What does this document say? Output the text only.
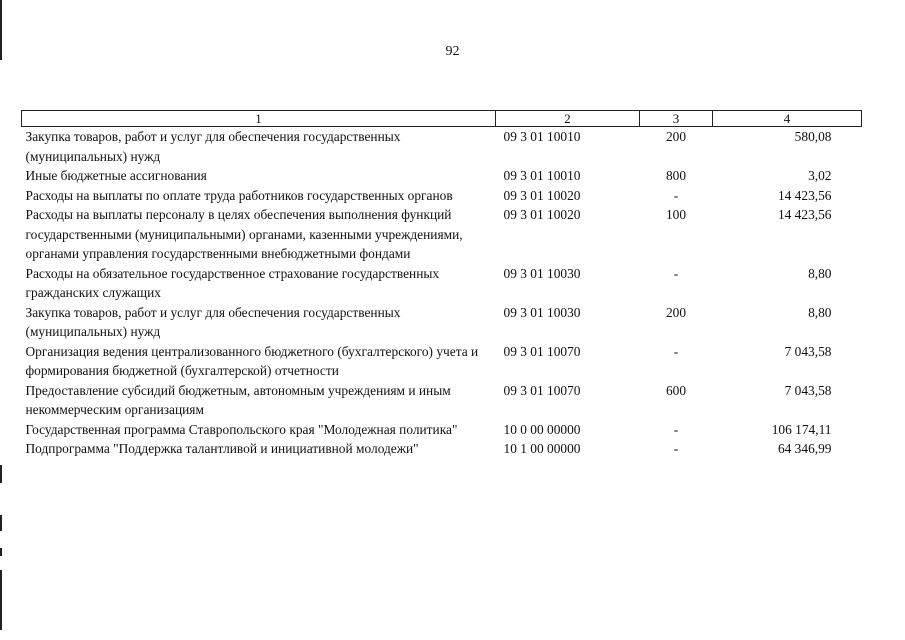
92
1	2	3	4
Закупка товаров, работ и услуг для обеспечения государственных (муниципальных) нужд	09 3 01 10010	200	580,08
Иные бюджетные ассигнования	09 3 01 10010	800	3,02
Расходы на выплаты по оплате труда работников государственных органов	09 3 01 10020	-	14 423,56
Расходы на выплаты персоналу в целях обеспечения выполнения функций государственными (муниципальными) органами, казенными учреждениями, органами управления государственными внебюджетными фондами	09 3 01 10020	100	14 423,56
Расходы на обязательное государственное страхование государственных гражданских служащих	09 3 01 10030	-	8,80
Закупка товаров, работ и услуг для обеспечения государственных (муниципальных) нужд	09 3 01 10030	200	8,80
Организация ведения централизованного бюджетного (бухгалтерского) учета и формирования бюджетной (бухгалтерской) отчетности	09 3 01 10070	-	7 043,58
Предоставление субсидий бюджетным, автономным учреждениям и иным некоммерческим организациям	09 3 01 10070	600	7 043,58
Государственная программа Ставропольского края "Молодежная политика"	10 0 00 00000	-	106 174,11
Подпрограмма "Поддержка талантливой и инициативной молодежи"	10 1 00 00000	-	64 346,99
